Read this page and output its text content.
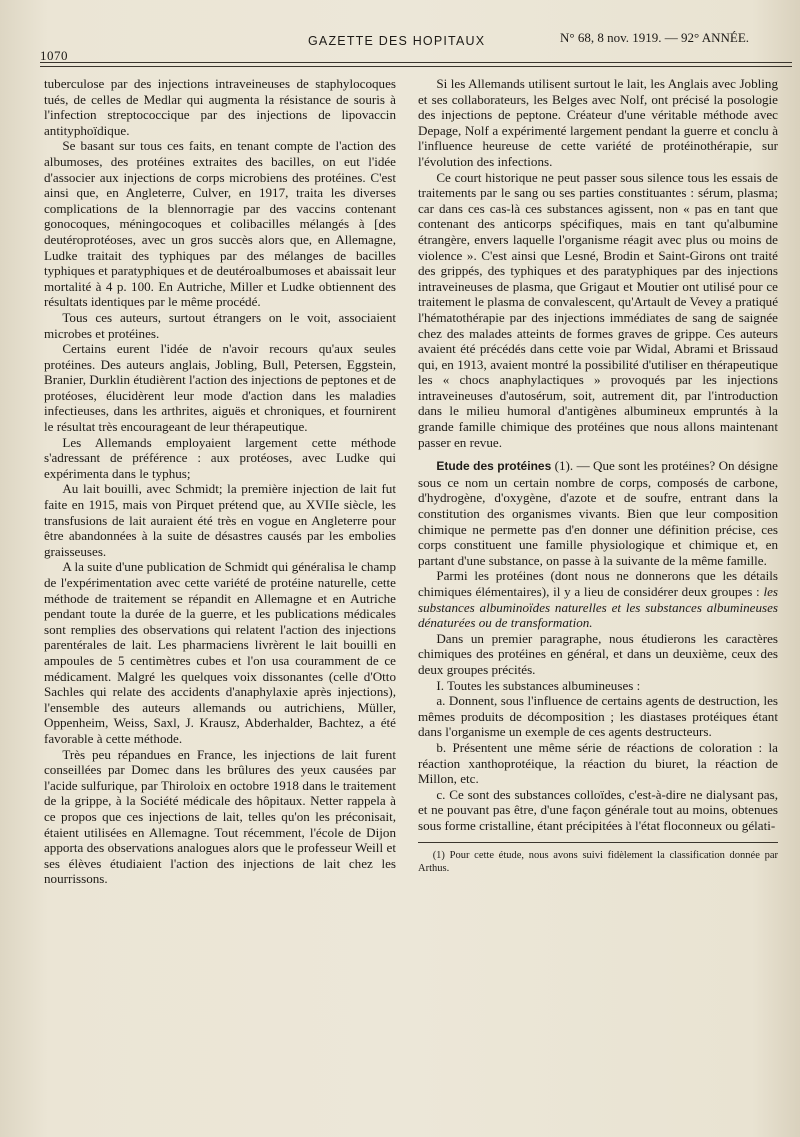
1070
GAZETTE DES HOPITAUX	N° 68, 8 nov. 1919. — 92° ANNÉE.

tuberculose par des injections intraveineuses de staphylocoques tués, de celles de Medlar qui augmenta la résistance de souris à l'infection streptococcique par des injections de lipovaccin antityphoïdique.

Se basant sur tous ces faits, en tenant compte de l'action des albumoses, des protéines extraites des bacilles, on eut l'idée d'associer aux injections de corps microbiens des protéines. C'est ainsi que, en Angleterre, Culver, en 1917, traita les diverses complications de la blennorragie par des vaccins contenant gonocoques, méningocoques et colibacilles mélangés à [des deutéroprotéoses, avec un gros succès alors que, en Allemagne, Ludke traitait des typhiques par des mélanges de bacilles typhiques et paratyphiques et de deutéroalbumoses et abaissait leur mortalité à 4 p. 100. En Autriche, Miller et Ludke obtiennent des résultats identiques par le même procédé.

Tous ces auteurs, surtout étrangers on le voit, associaient microbes et protéines.

Certains eurent l'idée de n'avoir recours qu'aux seules protéines. Des auteurs anglais, Jobling, Bull, Petersen, Eggstein, Branier, Durklin étudièrent l'action des injections de peptones et de protéoses, élucidèrent leur mode d'action dans les maladies infectieuses, dans les arthrites, aiguës et chroniques, et fournirent le résultat très encourageant de leur thérapeutique.

Les Allemands employaient largement cette méthode s'adressant de préférence : aux protéoses, avec Ludke qui expérimenta dans le typhus;

Au lait bouilli, avec Schmidt; la première injection de lait fut faite en 1915, mais von Pirquet prétend que, au XVIIe siècle, les transfusions de lait auraient été très en vogue en Angleterre pour être abandonnées à la suite de désastres causés par les embolies graisseuses.

A la suite d'une publication de Schmidt qui généralisa le champ de l'expérimentation avec cette variété de protéine naturelle, cette méthode de traitement se répandit en Allemagne et en Autriche pendant toute la durée de la guerre, et les publications médicales sont remplies des observations qui relatent l'action des injections parentérales de lait. Les pharmaciens livrèrent le lait bouilli en ampoules de 5 centimètres cubes et l'on usa couramment de ce médicament. Malgré les quelques voix dissonantes (celle d'Otto Sachles qui relate des accidents d'anaphylaxie après injections), l'ensemble des auteurs allemands ou autrichiens, Müller, Oppenheim, Weiss, Saxl, J. Krausz, Abderhalder, Bachtez, a été favorable à cette méthode.

Très peu répandues en France, les injections de lait furent conseillées par Domec dans les brûlures des yeux causées par l'acide sulfurique, par Thiroloix en octobre 1918 dans le traitement de la grippe, à la Société médicale des hôpitaux. Netter rappela à ce propos que ces injections de lait, telles qu'on les préconisait, étaient utilisées en Allemagne. Tout récemment, l'école de Dijon apporta des observations analogues alors que le professeur Weill et ses élèves étudiaient l'action des injections de lait chez les nourrissons.

Si les Allemands utilisent surtout le lait, les Anglais avec Jobling et ses collaborateurs, les Belges avec Nolf, ont précisé la posologie des injections de peptone. Créateur d'une véritable méthode avec Depage, Nolf a expérimenté largement pendant la guerre et conclu à l'influence heureuse de cette variété de protéinothérapie, sur l'évolution des infections.

Ce court historique ne peut passer sous silence tous les essais de traitements par le sang ou ses parties constituantes : sérum, plasma; car dans ces cas-là ces substances agissent, non « pas en tant que contenant des anticorps spécifiques, mais en tant qu'albumine étrangère, envers laquelle l'organisme réagit avec plus ou moins de violence ». C'est ainsi que Lesné, Brodin et Saint-Girons ont traité des grippés, des typhiques et des paratyphiques par des injections intraveineuses de plasma, que Grigaut et Moutier ont utilisé pour ce traitement le plasma de convalescent, qu'Artault de Vevey a pratiqué l'hématothérapie par des injections immédiates de sang de saignée chez des malades atteints de formes graves de grippe. Ces auteurs avaient été précédés dans cette voie par Widal, Abrami et Brissaud qui, en 1913, avaient montré la possibilité d'utiliser en thérapeutique les « chocs anaphylactiques » provoqués par les injections intraveineuses d'autosérum, soit, autrement dit, par l'introduction dans le milieu humoral d'antigènes albumineux empruntés à la grande famille chimique des protéines que nous allons maintenant passer en revue.

Etude des protéines (1). — Que sont les protéines? On désigne sous ce nom un certain nombre de corps, composés de carbone, d'hydrogène, d'oxygène, d'azote et de soufre, entrant dans la constitution des organismes vivants. Bien que leur composition chimique ne permette pas d'en donner une définition précise, ces corps constituent une famille physiologique et chimique et, en partant d'une substance, on passe à la suivante de la même famille.

Parmi les protéines (dont nous ne donnerons que les détails chimiques élémentaires), il y a lieu de considérer deux groupes : les substances albuminoïdes naturelles et les substances albumineuses dénaturées ou de transformation.

Dans un premier paragraphe, nous étudierons les caractères chimiques des protéines en général, et dans un deuxième, ceux des deux groupes précités.

I. Toutes les substances albumineuses :

a. Donnent, sous l'influence de certains agents de destruction, les mêmes produits de décomposition ; les diastases protéiques étant dans l'organisme un exemple de ces agents destructeurs.

b. Présentent une même série de réactions de coloration : la réaction xanthoprotéique, la réaction du biuret, la réaction de Millon, etc.

c. Ce sont des substances colloïdes, c'est-à-dire ne dialysant pas, et ne pouvant pas être, d'une façon générale tout au moins, obtenues sous forme cristalline, étant précipitées à l'état floconneux ou gélati-

(1) Pour cette étude, nous avons suivi fidèlement la classification donnée par Arthus.
